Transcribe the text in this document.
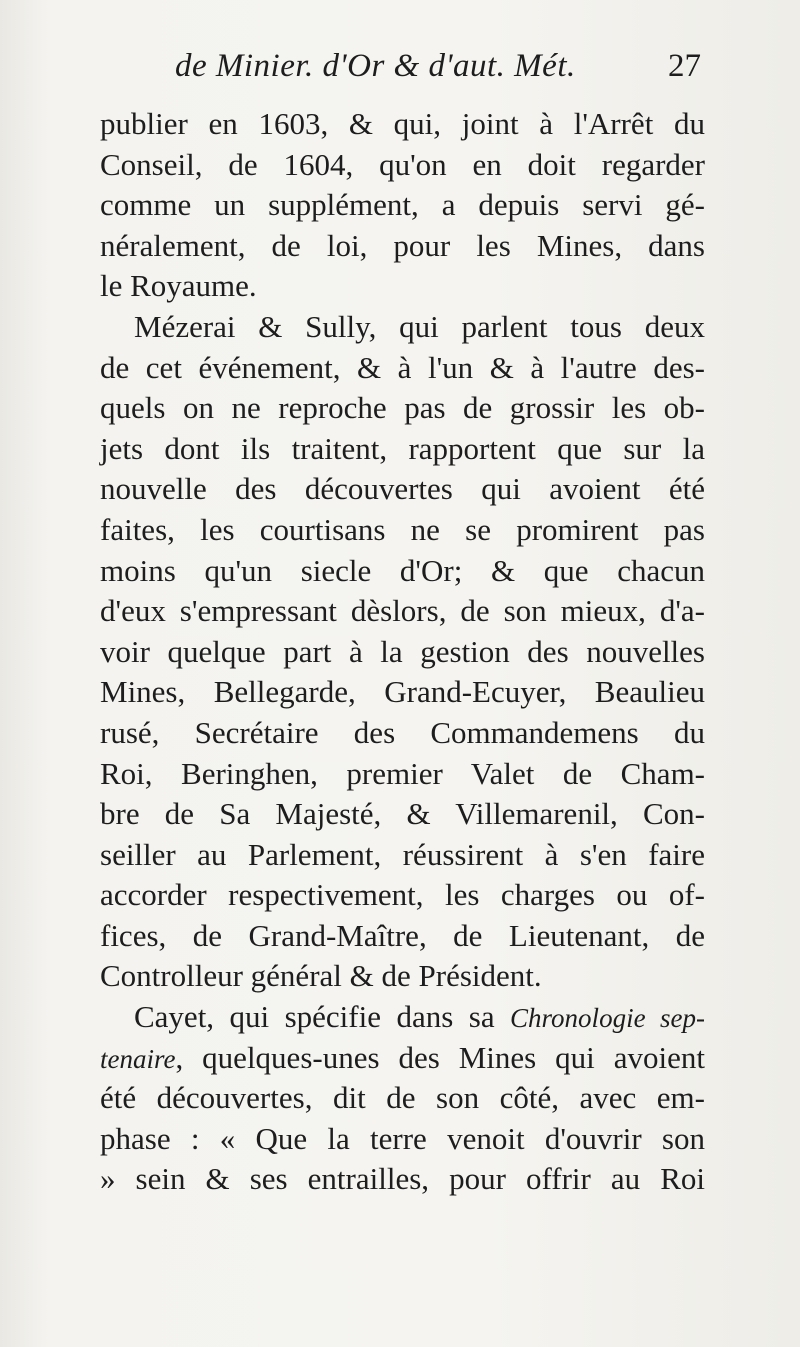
de Minier. d'Or & d'aut. Mét.	27
publier en 1603, & qui, joint à l'Arrêt du
Conseil, de 1604, qu'on en doit regarder
comme un supplément, a depuis servi gé-
néralement, de loi, pour les Mines, dans
le Royaume.
Mézerai & Sully, qui parlent tous deux
de cet événement, & à l'un & à l'autre des-
quels on ne reproche pas de grossir les ob-
jets dont ils traitent, rapportent que sur la
nouvelle des découvertes qui avoient été
faites, les courtisans ne se promirent pas
moins qu'un siecle d'Or; & que chacun
d'eux s'empressant dèslors, de son mieux, d'a-
voir quelque part à la gestion des nouvelles
Mines, Bellegarde, Grand-Ecuyer, Beaulieu
rusé, Secrétaire des Commandemens du
Roi, Beringhen, premier Valet de Cham-
bre de Sa Majesté, & Villemarenil, Con-
seiller au Parlement, réussirent à s'en faire
accorder respectivement, les charges ou of-
fices, de Grand-Maître, de Lieutenant, de
Controlleur général & de Président.
Cayet, qui spécifie dans sa Chronologie sep-
tenaire, quelques-unes des Mines qui avoient
été découvertes, dit de son côté, avec em-
phase : « Que la terre venoit d'ouvrir son
» sein & ses entrailles, pour offrir au Roi
